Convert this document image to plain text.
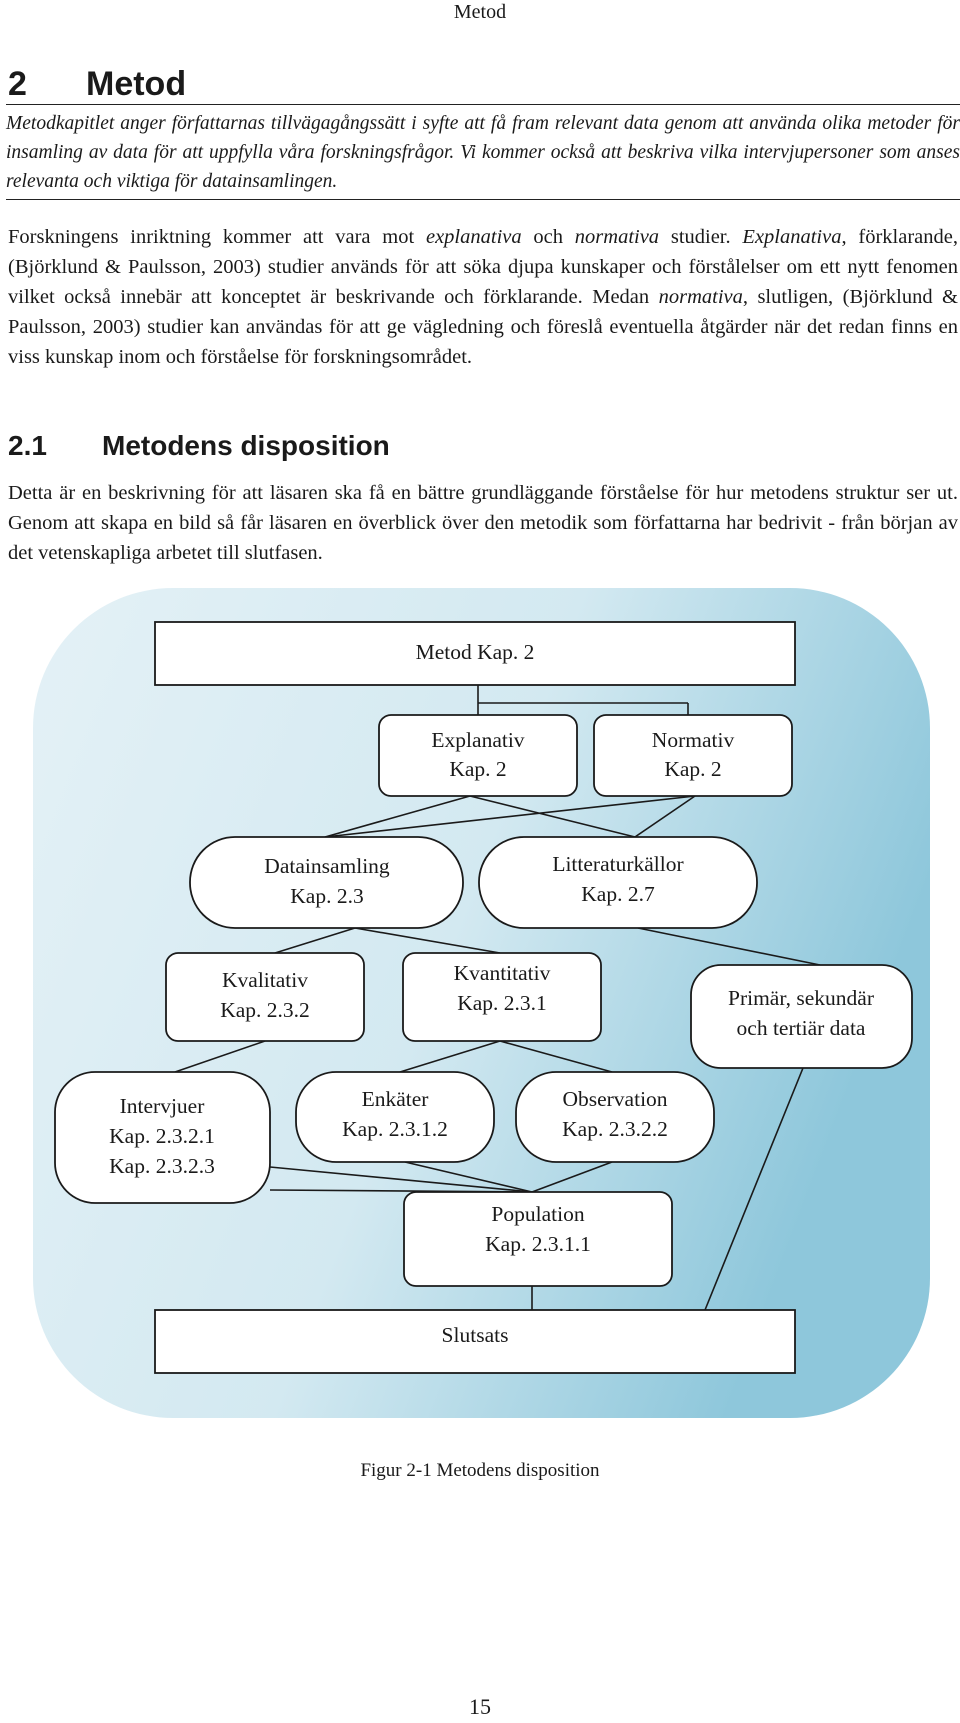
Metod
2 Metod
Metodkapitlet anger författarnas tillvägagångssätt i syfte att få fram relevant data genom att använda olika metoder för insamling av data för att uppfylla våra forskningsfrågor. Vi kommer också att beskriva vilka intervjupersoner som anses relevanta och viktiga för datainsamlingen.

Forskningens inriktning kommer att vara mot explanativa och normativa studier. Explanativa, förklarande, (Björklund & Paulsson, 2003) studier används för att söka djupa kunskaper och förstålelser om ett nytt fenomen vilket också innebär att konceptet är beskrivande och förklarande. Medan normativa, slutligen, (Björklund & Paulsson, 2003) studier kan användas för att ge vägledning och föreslå eventuella åtgärder när det redan finns en viss kunskap inom och förståelse för forskningsområdet.

2.1 Metodens disposition

Detta är en beskrivning för att läsaren ska få en bättre grundläggande förståelse för hur metodens struktur ser ut. Genom att skapa en bild så får läsaren en överblick över den metodik som författarna har bedrivit - från början av det vetenskapliga arbetet till slutfasen.

Metod Kap. 2
Explanativ
Kap. 2
Normativ
Kap. 2
Datainsamling
Kap. 2.3
Litteraturkällor
Kap. 2.7
Kvalitativ
Kap. 2.3.2
Kvantitativ
Kap. 2.3.1	Primär, sekundär
och tertiär data
Intervjuer
Kap. 2.3.2.1
Kap. 2.3.2.3
Enkäter
Kap. 2.3.1.2
Observation
Kap. 2.3.2.2
Population
Kap. 2.3.1.1
Slutsats
Figur 2-1 Metodens disposition
15
